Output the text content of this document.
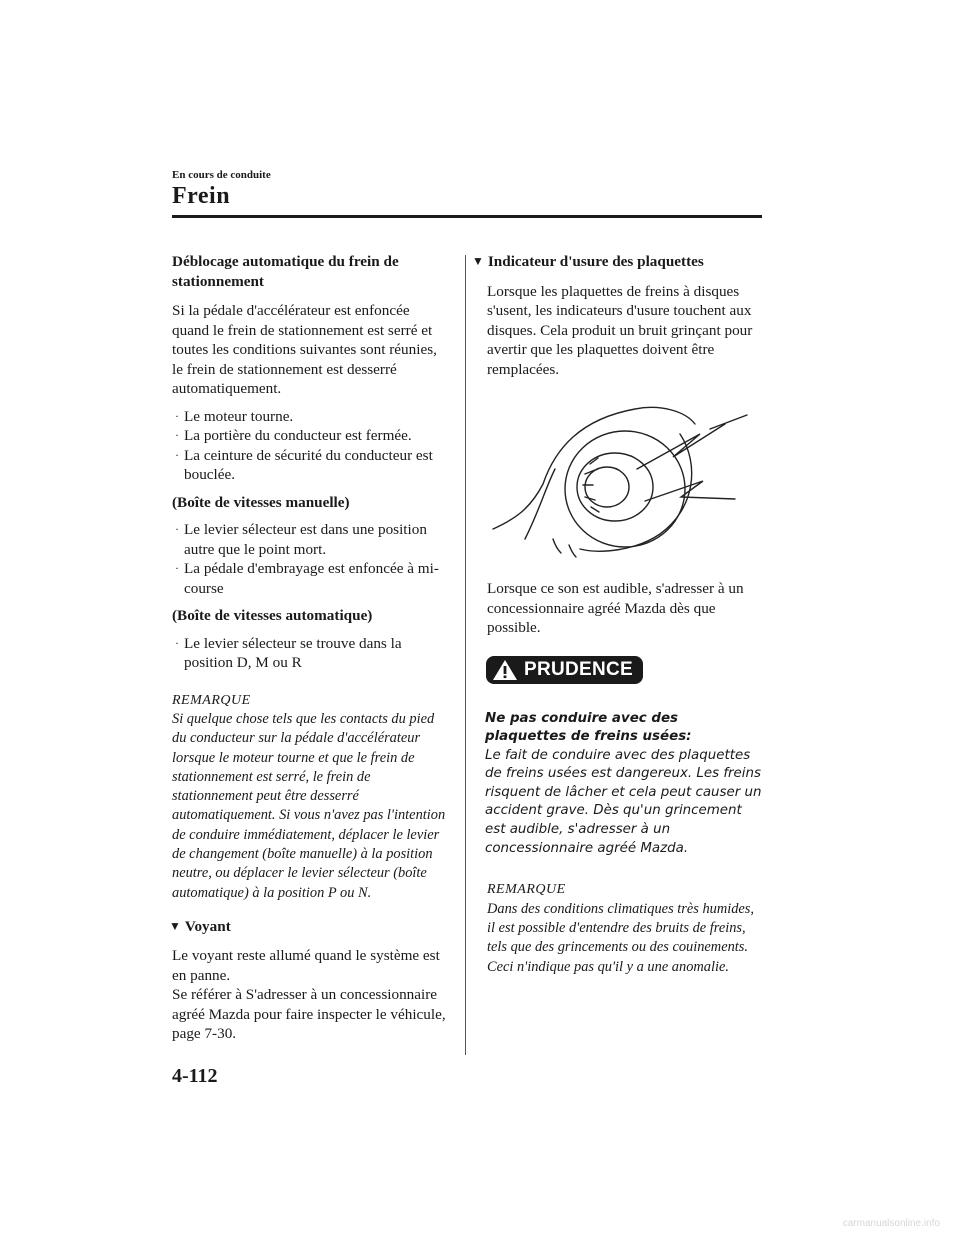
En cours de conduite
Frein

Déblocage automatique du frein de stationnement

Si la pédale d'accélérateur est enfoncée quand le frein de stationnement est serré et toutes les conditions suivantes sont réunies, le frein de stationnement est desserré automatiquement.

· Le moteur tourne.
· La portière du conducteur est fermée.
· La ceinture de sécurité du conducteur est bouclée.

(Boîte de vitesses manuelle)

· Le levier sélecteur est dans une position autre que le point mort.
· La pédale d'embrayage est enfoncée à mi-course

(Boîte de vitesses automatique)

· Le levier sélecteur se trouve dans la position D, M ou R

REMARQUE

Si quelque chose tels que les contacts du pied du conducteur sur la pédale d'accélérateur lorsque le moteur tourne et que le frein de stationnement est serré, le frein de stationnement peut être desserré automatiquement. Si vous n'avez pas l'intention de conduire immédiatement, déplacer le levier de changement (boîte manuelle) à la position neutre, ou déplacer le levier sélecteur (boîte automatique) à la position P ou N.

▼ Voyant

Le voyant reste allumé quand le système est en panne.

Se référer à S'adresser à un concessionnaire agréé Mazda pour faire inspecter le véhicule, page 7-30.

▼ Indicateur d'usure des plaquettes

Lorsque les plaquettes de freins à disques s'usent, les indicateurs d'usure touchent aux disques. Cela produit un bruit grinçant pour avertir que les plaquettes doivent être remplacées.

Lorsque ce son est audible, s'adresser à un concessionnaire agréé Mazda dès que possible.

PRUDENCE

Ne pas conduire avec des plaquettes de freins usées:

Le fait de conduire avec des plaquettes de freins usées est dangereux. Les freins risquent de lâcher et cela peut causer un accident grave. Dès qu'un grincement est audible, s'adresser à un concessionnaire agréé Mazda.

REMARQUE

Dans des conditions climatiques très humides, il est possible d'entendre des bruits de freins, tels que des grincements ou des couinements. Ceci n'indique pas qu'il y a une anomalie.

4-112
carmanualsonline.info
